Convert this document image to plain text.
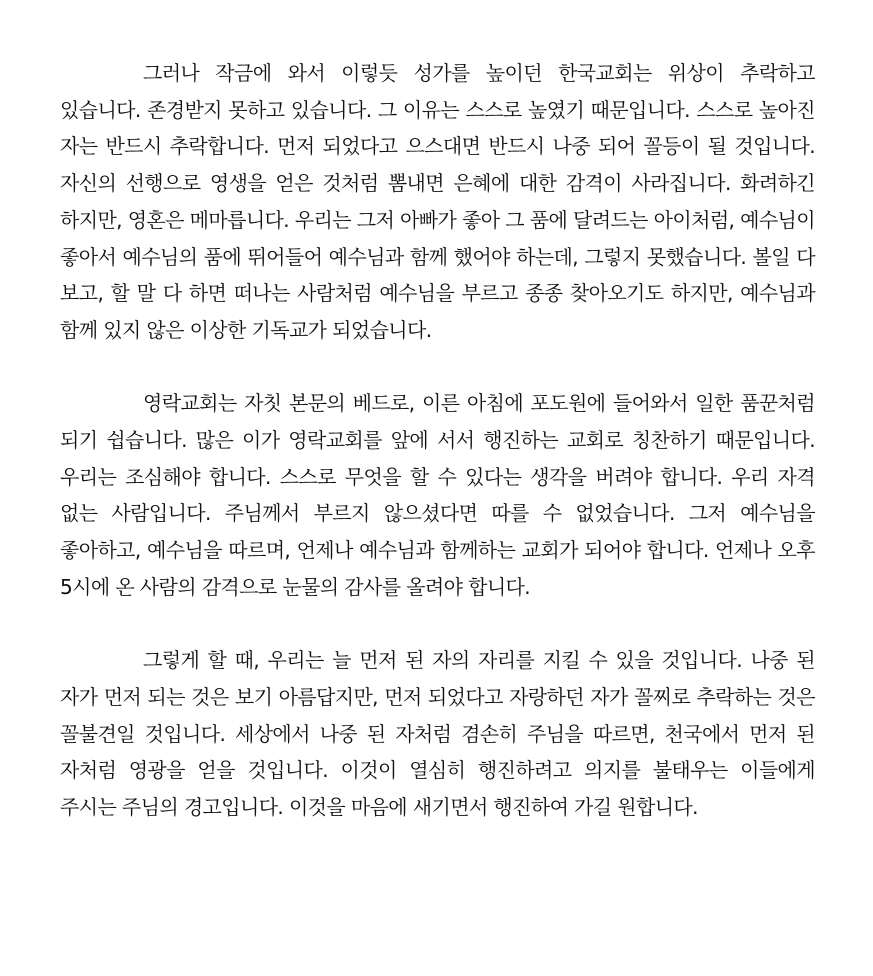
그러나 작금에 와서 이렇듯 성가를 높이던 한국교회는 위상이 추락하고 있습니다. 존경받지 못하고 있습니다. 그 이유는 스스로 높였기 때문입니다. 스스로 높아진 자는 반드시 추락합니다. 먼저 되었다고 으스대면 반드시 나중 되어 꼴등이 될 것입니다. 자신의 선행으로 영생을 얻은 것처럼 뽐내면 은혜에 대한 감격이 사라집니다. 화려하긴 하지만, 영혼은 메마릅니다. 우리는 그저 아빠가 좋아 그 품에 달려드는 아이처럼, 예수님이 좋아서 예수님의 품에 뛰어들어 예수님과 함께 했어야 하는데, 그렇지 못했습니다. 볼일 다 보고, 할 말 다 하면 떠나는 사람처럼 예수님을 부르고 종종 찾아오기도 하지만, 예수님과 함께 있지 않은 이상한 기독교가 되었습니다.

영락교회는 자칫 본문의 베드로, 이른 아침에 포도원에 들어와서 일한 품꾼처럼 되기 쉽습니다. 많은 이가 영락교회를 앞에 서서 행진하는 교회로 칭찬하기 때문입니다. 우리는 조심해야 합니다. 스스로 무엇을 할 수 있다는 생각을 버려야 합니다. 우리 자격 없는 사람입니다. 주님께서 부르지 않으셨다면 따를 수 없었습니다. 그저 예수님을 좋아하고, 예수님을 따르며, 언제나 예수님과 함께하는 교회가 되어야 합니다. 언제나 오후 5시에 온 사람의 감격으로 눈물의 감사를 올려야 합니다.

그렇게 할 때, 우리는 늘 먼저 된 자의 자리를 지킬 수 있을 것입니다. 나중 된 자가 먼저 되는 것은 보기 아름답지만, 먼저 되었다고 자랑하던 자가 꼴찌로 추락하는 것은 꼴불견일 것입니다. 세상에서 나중 된 자처럼 겸손히 주님을 따르면, 천국에서 먼저 된 자처럼 영광을 얻을 것입니다. 이것이 열심히 행진하려고 의지를 불태우는 이들에게 주시는 주님의 경고입니다. 이것을 마음에 새기면서 행진하여 가길 원합니다.
